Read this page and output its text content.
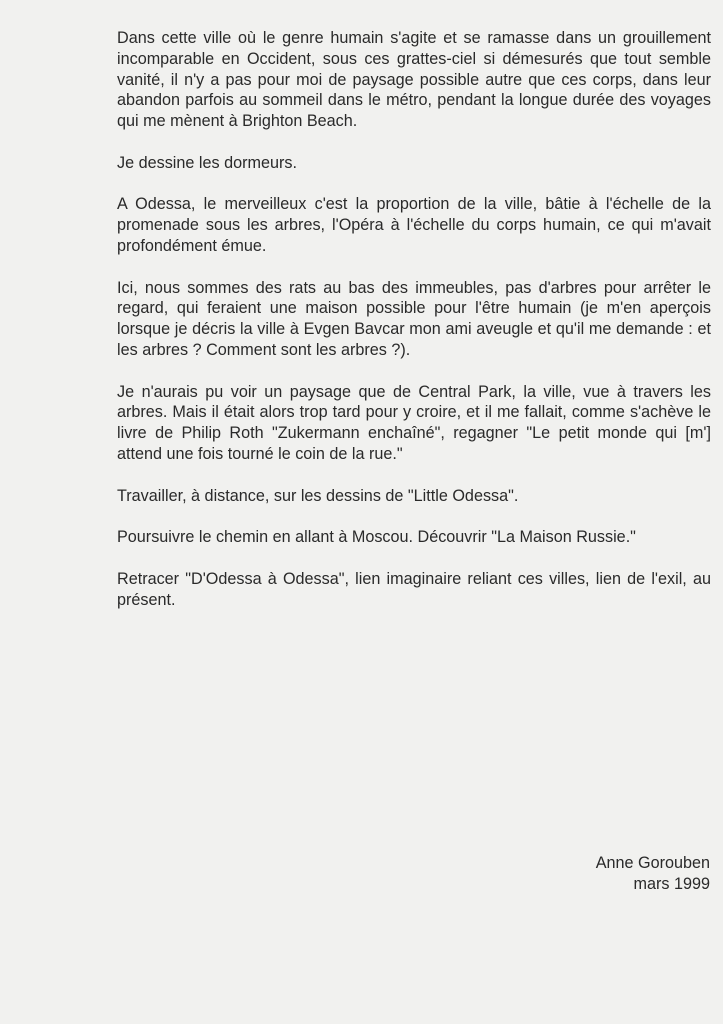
Dans cette ville où le genre humain s'agite et se ramasse dans un grouillement incomparable en Occident, sous ces grattes-ciel si démesurés que tout semble vanité, il n'y a pas pour moi de paysage possible autre que ces corps, dans leur abandon parfois au sommeil dans le métro, pendant la longue durée des voyages qui me mènent à Brighton Beach.

Je dessine les dormeurs.

A Odessa, le merveilleux c'est la proportion de la ville, bâtie à l'échelle de la promenade sous les arbres, l'Opéra à l'échelle du corps humain, ce qui m'avait profondément émue.

Ici, nous sommes des rats au bas des immeubles, pas d'arbres pour arrêter le regard, qui feraient une maison possible pour l'être humain (je m'en aperçois lorsque je décris la ville à Evgen Bavcar mon ami aveugle et qu'il me demande : et les arbres ? Comment sont les arbres ?).

Je n'aurais pu voir un paysage que de Central Park, la ville, vue à travers les arbres. Mais il était alors trop tard pour y croire, et il me fallait, comme s'achève le livre de Philip Roth "Zukermann enchaîné", regagner "Le petit monde qui [m'] attend une fois tourné le coin de la rue."

Travailler, à distance, sur les dessins de "Little Odessa".

Poursuivre le chemin en allant à Moscou. Découvrir "La Maison Russie."

Retracer "D'Odessa à Odessa", lien imaginaire reliant ces villes, lien de l'exil, au présent.

Anne Gorouben
mars 1999
